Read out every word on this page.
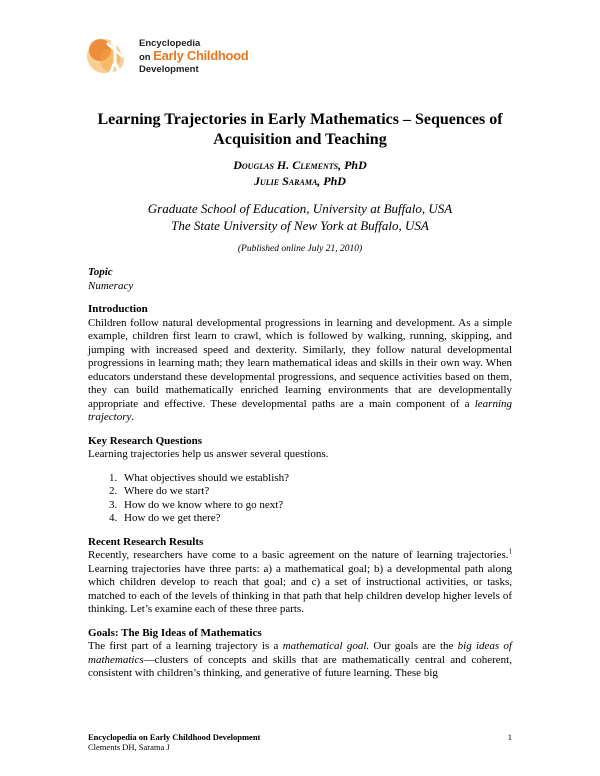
Encyclopedia
on Early Childhood
Development
Learning Trajectories in Early Mathematics – Sequences of Acquisition and Teaching
Douglas H. Clements, PhD
Julie Sarama, PhD
Graduate School of Education, University at Buffalo, USA
The State University of New York at Buffalo, USA
(Published online July 21, 2010)

Topic

Numeracy

Introduction

Children follow natural developmental progressions in learning and development. As a simple example, children first learn to crawl, which is followed by walking, running, skipping, and jumping with increased speed and dexterity. Similarly, they follow natural developmental progressions in learning math; they learn mathematical ideas and skills in their own way. When educators understand these developmental progressions, and sequence activities based on them, they can build mathematically enriched learning environments that are developmentally appropriate and effective. These developmental paths are a main component of a learning trajectory.

Key Research Questions

Learning trajectories help us answer several questions.

1. What objectives should we establish?
2. Where do we start?
3. How do we know where to go next?
4. How do we get there?

Recent Research Results

Recently, researchers have come to a basic agreement on the nature of learning trajectories.$^1$ Learning trajectories have three parts: a) a mathematical goal; b) a developmental path along which children develop to reach that goal; and c) a set of instructional activities, or tasks, matched to each of the levels of thinking in that path that help children develop higher levels of thinking. Let’s examine each of these three parts.

Goals: The Big Ideas of Mathematics

The first part of a learning trajectory is a mathematical goal. Our goals are the big ideas of mathematics—clusters of concepts and skills that are mathematically central and coherent, consistent with children’s thinking, and generative of future learning. These big

Encyclopedia on Early Childhood Development
Clements DH, Sarama J
1
